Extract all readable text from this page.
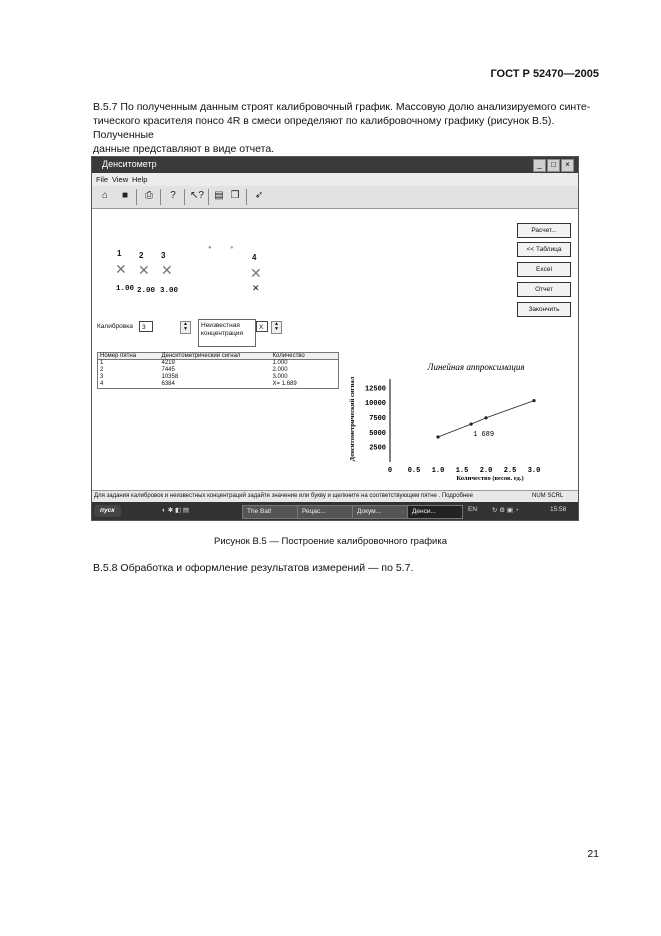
ГОСТ Р 52470—2005

В.5.7 По полученным данным строят калибровочный график. Массовую долю анализируемого синте-

тического красителя понсо 4R в смеси определяют по калибровочному графику (рисунок В.5). Полученные

данные представляют в виде отчета.

Денситометр	_	□	×
File View Help
⌂	■	⎙	?	↖? ▤ ❐ ➶
1 2 3	4
✕ ✕ ✕	✕
✕
●	●
1.00 2.00 3.00
Расчет...
<< Таблица
Excel
Отчет
Закончить
Калибровка	3	▲
▼	Неизвестная
концентрация
X	▲
▼
Номер пятна	Денситометрический сигнал	Количество
1	4219	1.000
2	7445	2.000
3	10358	3.000
4	6384	X= 1.689
Линейная аппроксимация
Денситометрический сигнал
Количество (весов. ед.)
2500
5000
7500
10000
12500
0 0.5 1.0 1.5 2.0 2.5 3.0
1 689
Для задания калибровок и неизвестных концентраций задайте значение или букву и щелкните на соответствующем пятне . Подробнее	NUM SCRL
пуск	◐ ✱ ◧ ▤	The Bat!	Рецас...	Докум...	Денси...	EN ↻ ⚙ ▣ ◔	15:58
Рисунок В.5 — Построение калибровочного графика
В.5.8 Обработка и оформление результатов измерений — по 5.7.
21
